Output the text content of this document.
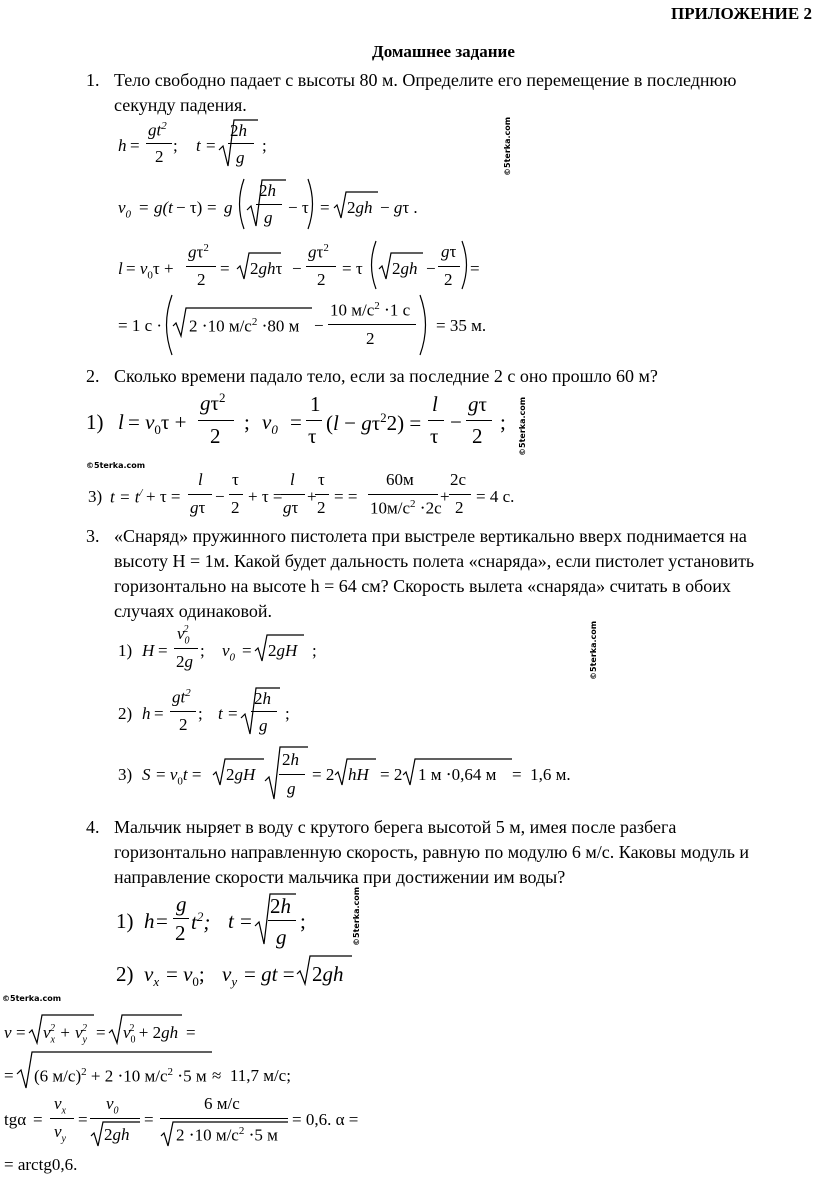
ПРИЛОЖЕНИЕ 2
Домашнее задание
©5terka.com
©5terka.com
©5terka.com
©5terka.com
©5terka.com
©5terka.com
1. Тело свободно падает с высоты 80 м. Определите его перемещение в последнюю
секунду падения.
h =
$gt^2$
2
; t =
2h
g
;
$v_0 = g(t - \tau) = g$
2h
g
− τ = 2gh − gτ .
$l = v_0\tau$ +
$g\tau^2$
2
= 2ghτ −
$g\tau^2$
2
= τ 2gh −
gτ
2
=
= 1 с · 2 ⋅10 $м/с^2 \cdot 80$ м −
10 $м/с^2 \cdot 1$ с
2
= 35 м.
2. Сколько времени падало тело, если за последние 2 с оно прошло 60 м?
1) $l = v_0\tau$ +
$g\tau^2$
2
; $v_0$ =
1
τ
$(l - g\tau^22)$ =
l
τ
−
gτ
2
;
3) t = t/ + τ =
l
gτ
−
τ
2
+ τ =
l
gτ
+
τ
2
= =
60м
$10м/с^2 \cdot 2с$
+
2с
2
= 4 с.
3. «Снаряд» пружинного пистолета при выстреле вертикально вверх поднимается на
высоту H = 1м. Какой будет дальность полета «снаряда», если пистолет установить
горизонтально на высоте h = 64 см? Скорость вылета «снаряда» считать в обоих
случаях одинаковой.
1) H =
$v_0^2$
2g
; $v_0 = 2gH$ ;
2) h =
$gt^2$
2
; t =
2h
g
;
3) $S = v_0t = 2gH$
2h
g
= 2 hH = 2 1 м ⋅0,64 м =  1,6 м.
4. Мальчик ныряет в воду с крутого берега высотой 5 м, имея после разбега
горизонтально направленную скорость, равную по модулю 6 м/с. Каковы модуль и
направление скорости мальчика при достижении им воды?
1) h =
g
2 $t^2$; t =
2h
g
;
2) $v_x = v_0$; $v_y$ = gt = 2gh
$v = v_x^2 + v_y^2 = v_0^2 + 2gh$ =
= (6 м/с)$^2$ + 2 ⋅10 $м/с^2 \cdot 5$ м ≈  11,7 м/с;
tgα =
$v_x$
$v_y$
=
$v_0$
2gh
=
6 м/с
2 ⋅10 $м/с^2 \cdot 5$ м
= 0,6. α =
= arctg0,6.
